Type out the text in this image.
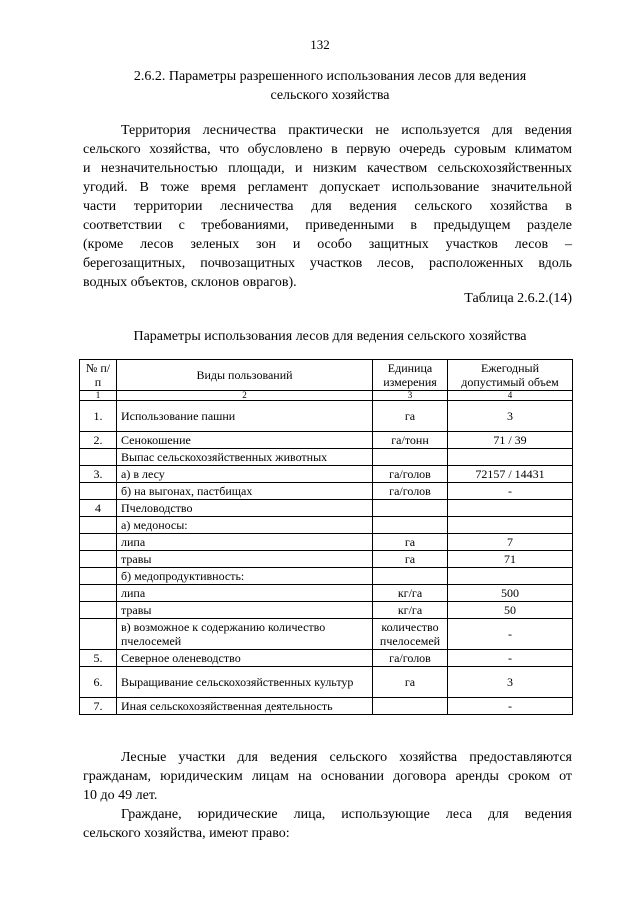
132
2.6.2. Параметры разрешенного использования лесов для ведения
сельского хозяйства
Территория лесничества практически не используется для ведения
сельского хозяйства, что обусловлено в первую очередь суровым климатом
и незначительностью площади, и низким качеством сельскохозяйственных
угодий. В тоже время регламент допускает использование значительной
части территории лесничества для ведения сельского хозяйства в
соответствии с требованиями, приведенными в предыдущем разделе
(кроме лесов зеленых зон и особо защитных участков лесов –
берегозащитных, почвозащитных участков лесов, расположенных вдоль
водных объектов, склонов оврагов).
Таблица 2.6.2.(14)
Параметры использования лесов для ведения сельского хозяйства
№ п/п	Виды пользований	Единица измерения	Ежегодный допустимый объем
1	2	3	4
1.	Использование пашни	га	3
2.	Сенокошение	га/тонн	71 / 39
	Выпас сельскохозяйственных животных		
3.	а) в лесу	га/голов	72157 / 14431
	б) на выгонах, пастбищах	га/голов	-
4	Пчеловодство		
	а) медоносы:		
	липа	га	7
	травы	га	71
	б) медопродуктивность:		
	липа	кг/га	500
	травы	кг/га	50
	в) возможное к содержанию количество пчелосемей	количество пчелосемей	-
5.	Северное оленеводство	га/голов	-
6.	Выращивание сельскохозяйственных культур	га	3
7.	Иная сельскохозяйственная деятельность		-
Лесные участки для ведения сельского хозяйства предоставляются
гражданам, юридическим лицам на основании договора аренды сроком от
10 до 49 лет.
Граждане, юридические лица, использующие леса для ведения
сельского хозяйства, имеют право:
